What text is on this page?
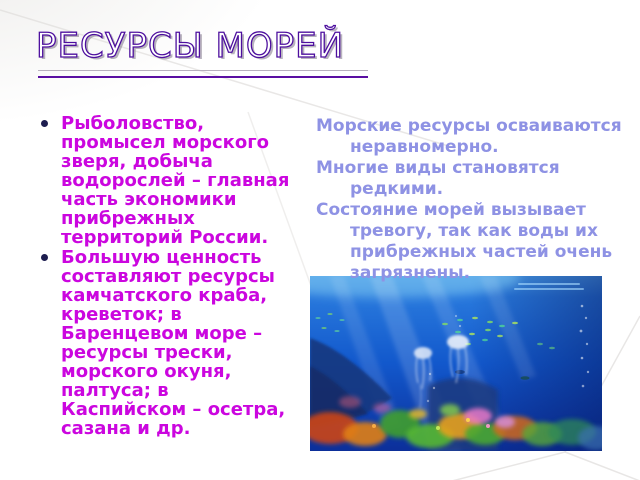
РЕСУРСЫ МОРЕЙ
Рыболовство, промысел морского зверя, добыча водорослей – главная часть экономики прибрежных территорий России.
Большую ценность составляют ресурсы камчатского краба, креветок; в Баренцевом море – ресурсы трески, морского окуня, палтуса; в Каспийском – осетра, сазана и др.

Морские ресурсы осваиваются неравномерно.

Многие виды становятся редкими.

Состояние морей вызывает тревогу, так как воды их прибрежных частей очень загрязнены.
